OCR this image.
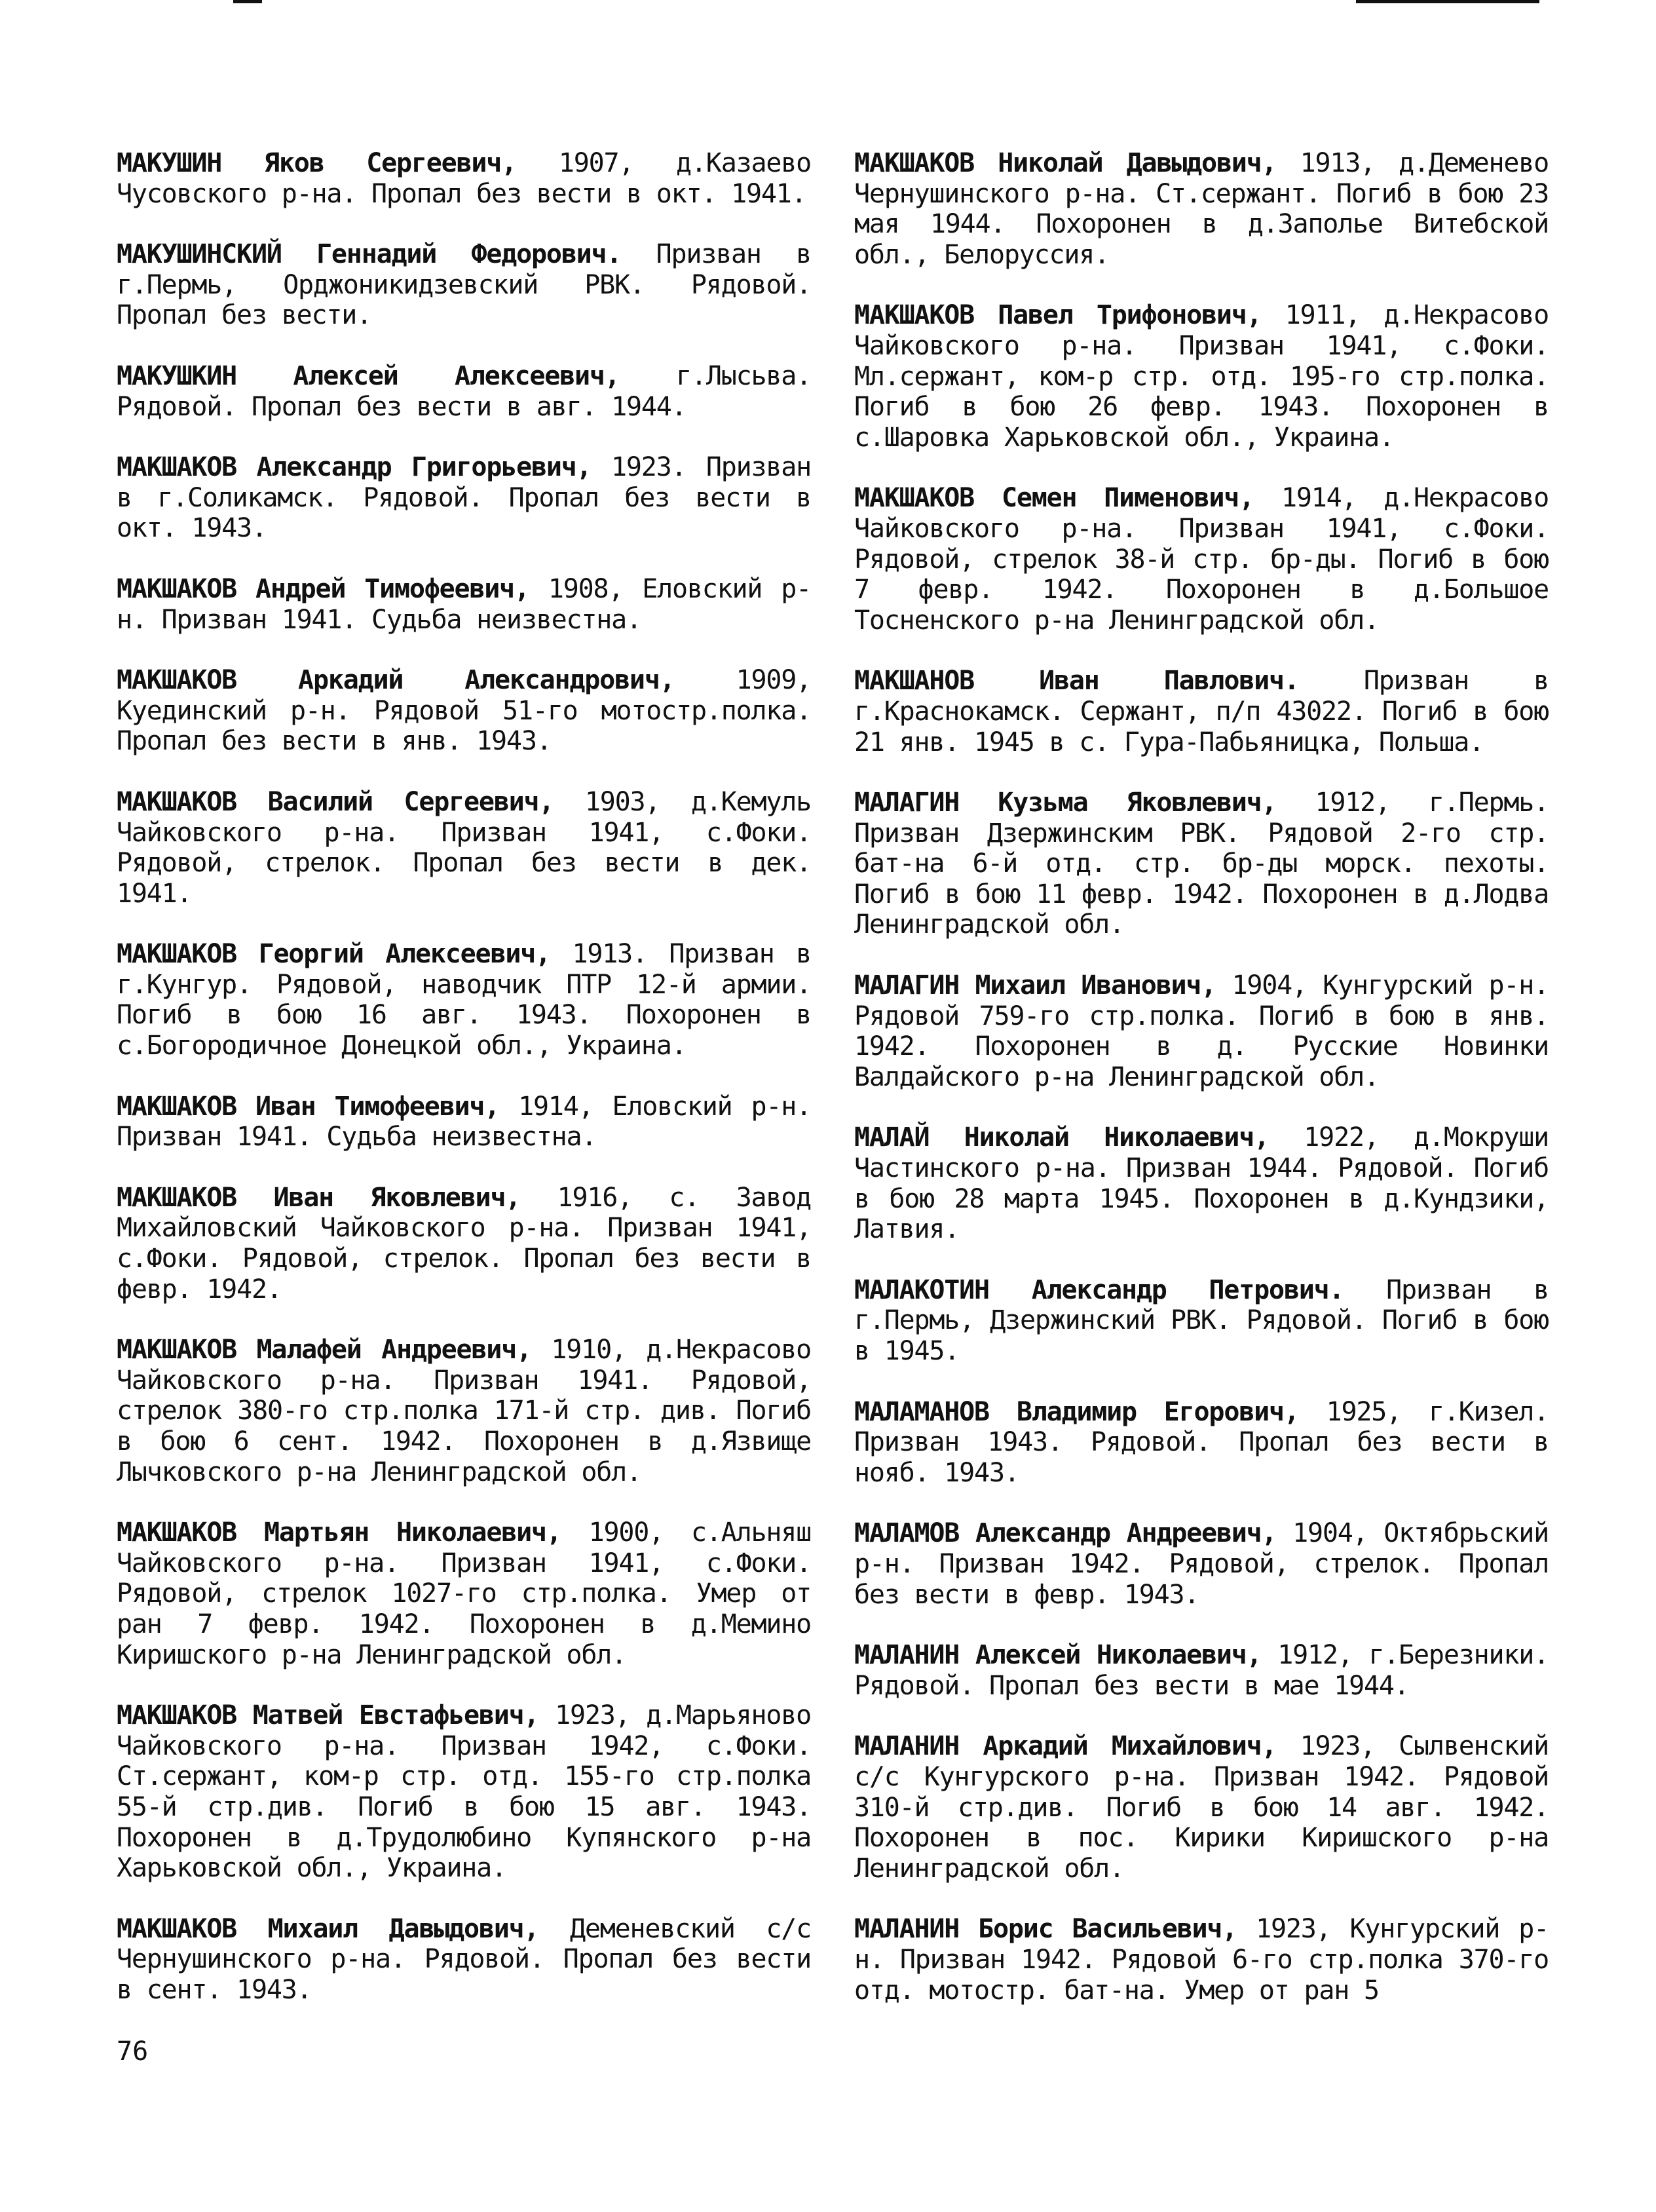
МАКУШИН Яков Сергеевич, 1907, д.Казаево Чусовского р-на. Пропал без вести в окт. 1941.

МАКУШИНСКИЙ Геннадий Федорович. Призван в г.Пермь, Орджоникидзевский РВК. Рядовой. Пропал без вести.

МАКУШКИН Алексей Алексеевич, г.Лысьва. Рядовой. Пропал без вести в авг. 1944.

МАКШАКОВ Александр Григорьевич, 1923. Призван в г.Соликамск. Рядовой. Пропал без вести в окт. 1943.

МАКШАКОВ Андрей Тимофеевич, 1908, Еловский р-н. Призван 1941. Судьба неизвестна.

МАКШАКОВ Аркадий Александрович, 1909, Куединский р-н. Рядовой 51-го мотостр.полка. Пропал без вести в янв. 1943.

МАКШАКОВ Василий Сергеевич, 1903, д.Кемуль Чайковского р-на. Призван 1941, с.Фоки. Рядовой, стрелок. Пропал без вести в дек. 1941.

МАКШАКОВ Георгий Алексеевич, 1913. Призван в г.Кунгур. Рядовой, наводчик ПТР 12-й армии. Погиб в бою 16 авг. 1943. Похоронен в с.Богородичное Донецкой обл., Украина.

МАКШАКОВ Иван Тимофеевич, 1914, Еловский р-н. Призван 1941. Судьба неизвестна.

МАКШАКОВ Иван Яковлевич, 1916, с. Завод Михайловский Чайковского р-на. Призван 1941, с.Фоки. Рядовой, стрелок. Пропал без вести в февр. 1942.

МАКШАКОВ Малафей Андреевич, 1910, д.Некрасово Чайковского р-на. Призван 1941. Рядовой, стрелок 380-го стр.полка 171-й стр. див. Погиб в бою 6 сент. 1942. Похоронен в д.Язвище Лычковского р-на Ленинградской обл.

МАКШАКОВ Мартьян Николаевич, 1900, с.Альняш Чайковского р-на. Призван 1941, с.Фоки. Рядовой, стрелок 1027-го стр.полка. Умер от ран 7 февр. 1942. Похоронен в д.Мемино Киришского р-на Ленинградской обл.

МАКШАКОВ Матвей Евстафьевич, 1923, д.Марьяново Чайковского р-на. Призван 1942, с.Фоки. Ст.сержант, ком-р стр. отд. 155-го стр.полка 55-й стр.див. Погиб в бою 15 авг. 1943. Похоронен в д.Трудолюбино Купянского р-на Харьковской обл., Украина.

МАКШАКОВ Михаил Давыдович, Деменевский с/с Чернушинского р-на. Рядовой. Пропал без вести в сент. 1943.

МАКШАКОВ Николай Давыдович, 1913, д.Деменево Чернушинского р-на. Ст.сержант. Погиб в бою 23 мая 1944. Похоронен в д.Заполье Витебской обл., Белоруссия.

МАКШАКОВ Павел Трифонович, 1911, д.Некрасово Чайковского р-на. Призван 1941, с.Фоки. Мл.сержант, ком-р стр. отд. 195-го стр.полка. Погиб в бою 26 февр. 1943. Похоронен в с.Шаровка Харьковской обл., Украина.

МАКШАКОВ Семен Пименович, 1914, д.Некрасово Чайковского р-на. Призван 1941, с.Фоки. Рядовой, стрелок 38-й стр. бр-ды. Погиб в бою 7 февр. 1942. Похоронен в д.Большое Тосненского р-на Ленинградской обл.

МАКШАНОВ Иван Павлович. Призван в г.Краснокамск. Сержант, п/п 43022. Погиб в бою 21 янв. 1945 в с. Гура-Пабьяницка, Польша.

МАЛАГИН Кузьма Яковлевич, 1912, г.Пермь. Призван Дзержинским РВК. Рядовой 2-го стр. бат-на 6-й отд. стр. бр-ды морск. пехоты. Погиб в бою 11 февр. 1942. Похоронен в д.Лодва Ленинградской обл.

МАЛАГИН Михаил Иванович, 1904, Кунгурский р-н. Рядовой 759-го стр.полка. Погиб в бою в янв. 1942. Похоронен в д. Русские Новинки Валдайского р-на Ленинградской обл.

МАЛАЙ Николай Николаевич, 1922, д.Мокруши Частинского р-на. Призван 1944. Рядовой. Погиб в бою 28 марта 1945. Похоронен в д.Кундзики, Латвия.

МАЛАКОТИН Александр Петрович. Призван в г.Пермь, Дзержинский РВК. Рядовой. Погиб в бою в 1945.

МАЛАМАНОВ Владимир Егорович, 1925, г.Кизел. Призван 1943. Рядовой. Пропал без вести в нояб. 1943.

МАЛАМОВ Александр Андреевич, 1904, Октябрьский р-н. Призван 1942. Рядовой, стрелок. Пропал без вести в февр. 1943.

МАЛАНИН Алексей Николаевич, 1912, г.Березники. Рядовой. Пропал без вести в мае 1944.

МАЛАНИН Аркадий Михайлович, 1923, Сылвенский с/с Кунгурского р-на. Призван 1942. Рядовой 310-й стр.див. Погиб в бою 14 авг. 1942. Похоронен в пос. Кирики Киришского р-на Ленинградской обл.

МАЛАНИН Борис Васильевич, 1923, Кунгурский р-н. Призван 1942. Рядовой 6-го стр.полка 370-го отд. мотостр. бат-на. Умер от ран 5

76
